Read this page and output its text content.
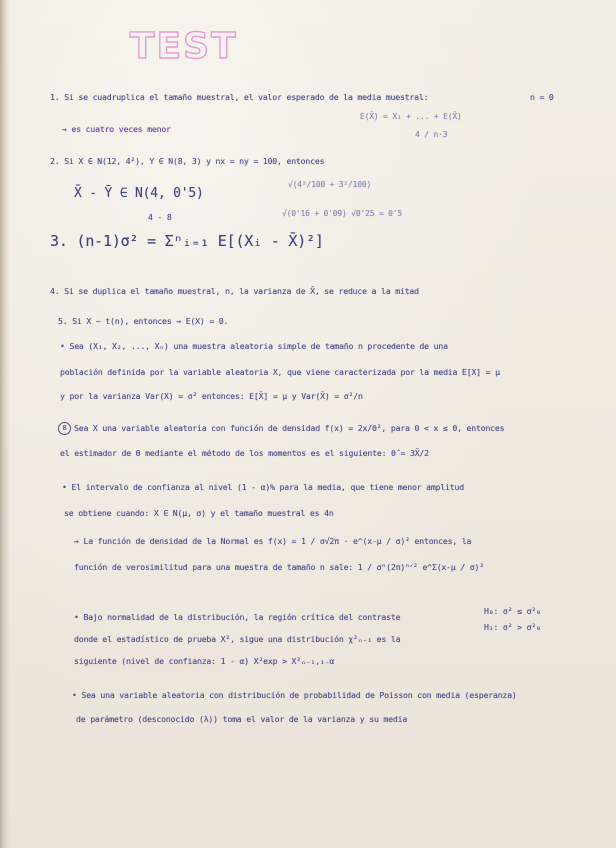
TEST
1. Si se cuadruplica el tamaño muestral, el valor esperado de la media muestral:	n = 0
→ es cuatro veces menor
E(X̄) = X₁ + ... + E(X̄)
4 / n·3
2. Si X ∈ N(12, 4²), Y ∈ N(8, 3) y nx = ny = 100, entonces
X̄ - Ȳ ∈ N(4, 0'5)
√(4²/100 + 3²/100)
4 - 8	√(0'16 + 0'09) √0'25 = 0'5
3. (n-1)σ² = Σⁿᵢ₌₁ E[(Xᵢ - X̄)²]
4. Si se duplica el tamaño muestral, n, la varianza de X̄, se reduce a la mitad
5. Si X ~ t(n), entonces → E(X) = 0.
• Sea (X₁, X₂, ..., Xₙ) una muestra aleatoria simple de tamaño n procedente de una
población definida por la variable aleatoria X, que viene caracterizada por la media E[X] = μ
y por la varianza Var(X) = σ² entonces: E[X̄] = μ y Var(X̄) = σ²/n
8 Sea X una variable aleatoria con función de densidad f(x) = 2x/θ², para 0 < x ≤ θ, entonces
el estimador de θ mediante el método de los momentos es el siguiente: θ̂ = 3X̄/2
• El intervalo de confianza al nivel (1 - α)% para la media, que tiene menor amplitud
se obtiene cuando: X ∈ N(μ, σ) y el tamaño muestral es 4n
→ La función de densidad de la Normal es f(x) = 1 / σ√2π · e^(x-μ / σ)² entonces, la
función de verosimilitud para una muestra de tamaño n sale: 1 / σⁿ(2π)ⁿᐟ² e^Σ(x-μ / σ)²
• Bajo normalidad de la distribución, la región crítica del contraste
H₀: σ² ≤ σ²₀
donde el estadístico de prueba X², sigue una distribución χ²ₙ₋₁ es la
H₁: σ² > σ²₀
siguiente (nivel de confianza: 1 - α) X²exp > X²ₙ₋₁,₁₋α
• Sea una variable aleatoria con distribución de probabilidad de Poisson con media (esperanza)
de parámetro (desconocido (λ)) toma el valor de la varianza y su media
